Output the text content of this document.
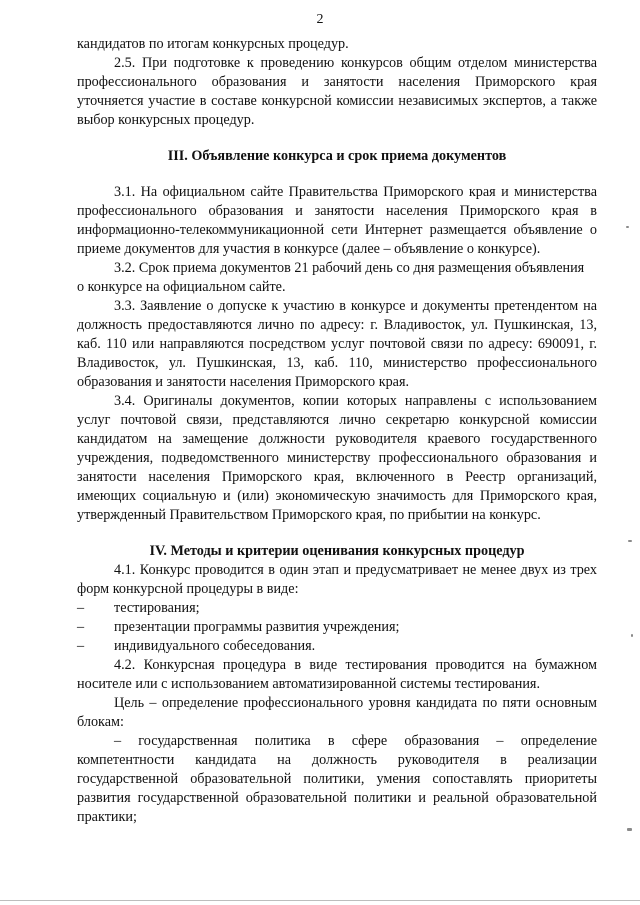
2

кандидатов по итогам конкурсных процедур.

2.5. При подготовке к проведению конкурсов общим отделом министерства профессионального образования и занятости населения Приморского края уточняется участие в составе конкурсной комиссии независимых экспертов, а также выбор конкурсных процедур.

III. Объявление конкурса и срок приема документов

3.1. На официальном сайте Правительства Приморского края и министерства профессионального образования и занятости населения Приморского края в информационно-телекоммуникационной сети Интернет размещается объявление о приеме документов для участия в конкурсе (далее – объявление о конкурсе).

3.2. Срок приема документов 21 рабочий день со дня размещения объявления

о конкурсе на официальном сайте.

3.3. Заявление о допуске к участию в конкурсе и документы претендентом на должность предоставляются лично по адресу: г. Владивосток, ул. Пушкинская, 13, каб. 110 или направляются посредством услуг почтовой связи по адресу: 690091, г. Владивосток, ул. Пушкинская, 13, каб. 110, министерство профессионального образования и занятости населения Приморского края.

3.4. Оригиналы документов, копии которых направлены с использованием услуг почтовой связи, представляются лично секретарю конкурсной комиссии кандидатом на замещение должности руководителя краевого государственного учреждения, подведомственного министерству профессионального образования и занятости населения Приморского края, включенного в Реестр организаций, имеющих социальную и (или) экономическую значимость для Приморского края, утвержденный Правительством Приморского края, по прибытии на конкурс.

IV. Методы и критерии оценивания конкурсных процедур

4.1. Конкурс проводится в один этап и предусматривает не менее двух из трех форм конкурсной процедуры в виде:

–	тестирования;
–	презентации программы развития учреждения;
–	индивидуального собеседования.

4.2. Конкурсная процедура в виде тестирования проводится на бумажном носителе или с использованием автоматизированной системы тестирования.

Цель – определение профессионального уровня кандидата по пяти основным блокам:

– государственная политика в сфере образования – определение компетентности кандидата на должность руководителя в реализации государственной образовательной политики, умения сопоставлять приоритеты развития государственной образовательной политики и реальной образовательной практики;
